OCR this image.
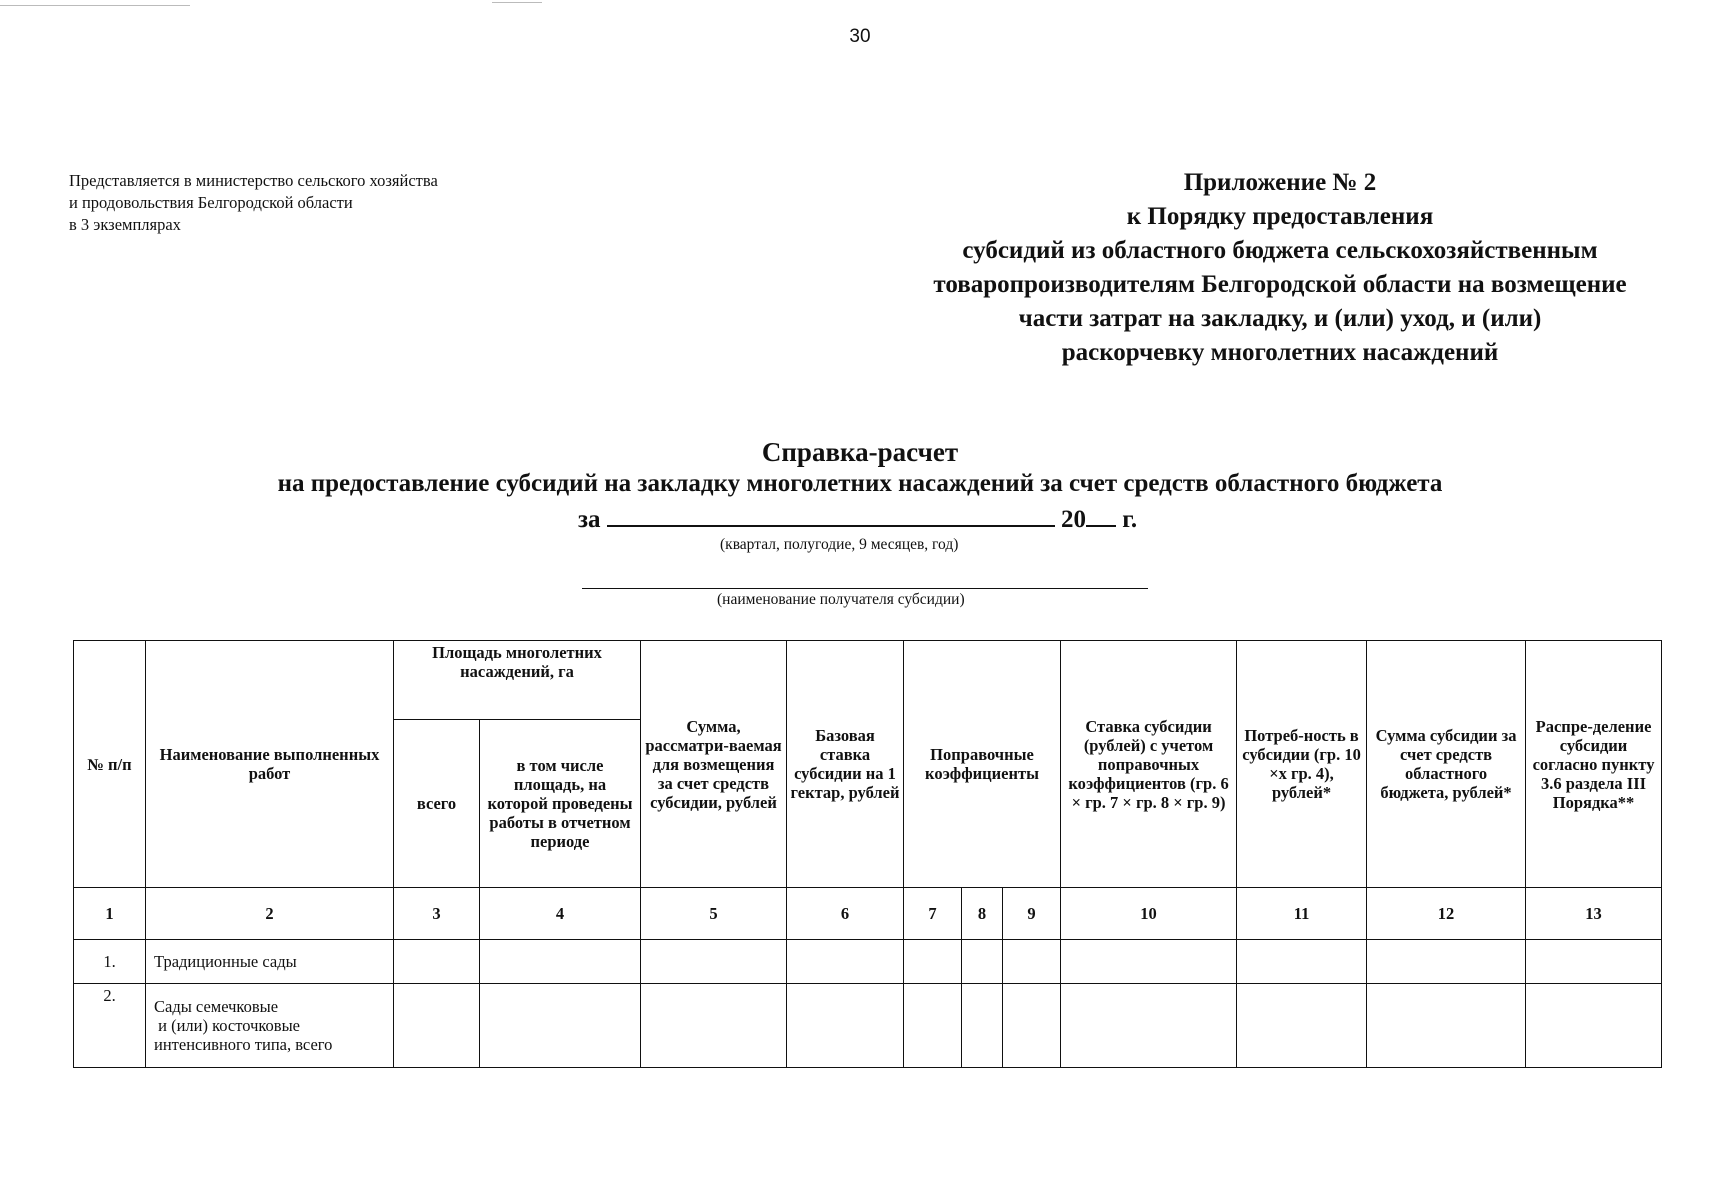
30
Представляется в министерство сельского хозяйства
и продовольствия Белгородской области
в 3 экземплярах
Приложение № 2
к Порядку предоставления
субсидий из областного бюджета сельскохозяйственным
товаропроизводителям Белгородской области на возмещение
части затрат на закладку, и (или) уход, и (или)
раскорчевку многолетних насаждений
Справка-расчет
на предоставление субсидий на закладку многолетних насаждений за счет средств областного бюджета
за	20 г.
(квартал, полугодие, 9 месяцев, год)
(наименование получателя субсидии)
№ п/п	Наименование выполненных работ	Площадь многолетних насаждений, га		Сумма, рассматри-ваемая для возмещения за счет средств субсидии, рублей	Базовая ставка субсидии на 1 гектар, рублей	Поправочные коэффициенты			Ставка субсидии (рублей) с учетом поправочных коэффициентов (гр. 6 × гр. 7 × гр. 8 × гр. 9)	Потреб-ность в субсидии (гр. 10 ×х гр. 4), рублей*	Сумма субсидии за счет средств областного бюджета, рублей*	Распре-деление субсидии согласно пункту 3.6 раздела III Порядка**
		всего	в том числе площадь, на которой проведены работы в отчетном периоде									
1	2	3	4	5	6	7	8	9	10	11	12	13
1.	Традиционные сады											
2.	Сады семечковые
и (или) косточковые
интенсивного типа, всего											
